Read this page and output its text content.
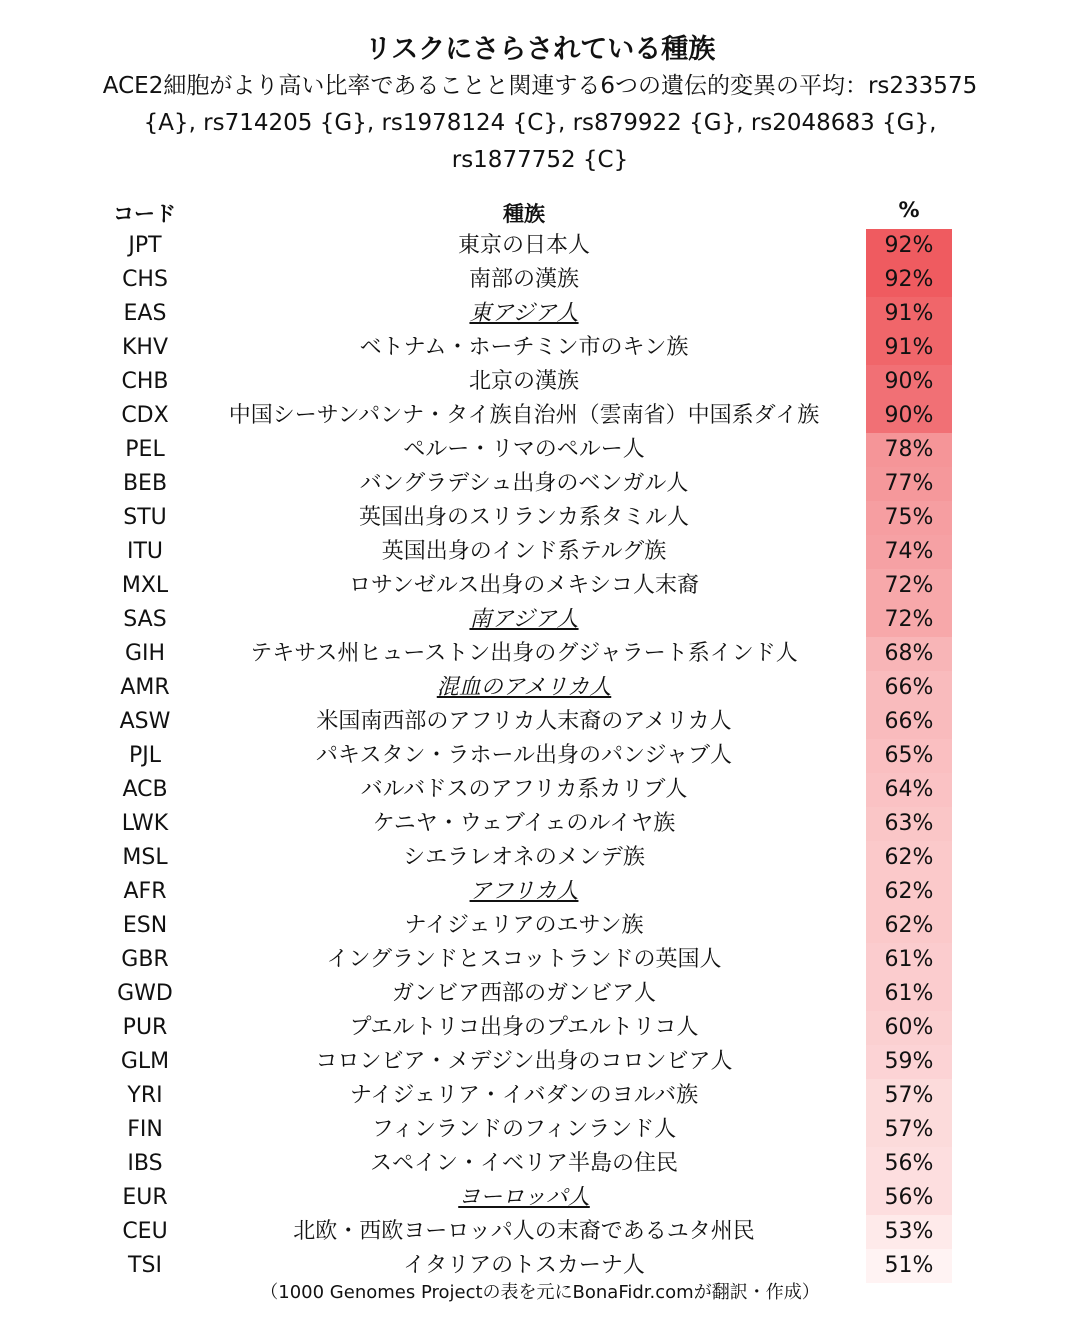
リスクにさらされている種族
ACE2細胞がより高い比率であることと関連する6つの遺伝的変異の平均：rs233575 {A}, rs714205 {G}, rs1978124 {C}, rs879922 {G}, rs2048683 {G}, rs1877752 {C}
コード	種族	%
JPT	東京の日本人	92%
CHS	南部の漢族	92%
EAS	東アジア人	91%
KHV	ベトナム・ホーチミン市のキン族	91%
CHB	北京の漢族	90%
CDX	中国シーサンパンナ・タイ族自治州（雲南省）中国系ダイ族	90%
PEL	ペルー・リマのペルー人	78%
BEB	バングラデシュ出身のベンガル人	77%
STU	英国出身のスリランカ系タミル人	75%
ITU	英国出身のインド系テルグ族	74%
MXL	ロサンゼルス出身のメキシコ人末裔	72%
SAS	南アジア人	72%
GIH	テキサス州ヒューストン出身のグジャラート系インド人	68%
AMR	混血のアメリカ人	66%
ASW	米国南西部のアフリカ人末裔のアメリカ人	66%
PJL	パキスタン・ラホール出身のパンジャブ人	65%
ACB	バルバドスのアフリカ系カリブ人	64%
LWK	ケニヤ・ウェブイェのルイヤ族	63%
MSL	シエラレオネのメンデ族	62%
AFR	アフリカ人	62%
ESN	ナイジェリアのエサン族	62%
GBR	イングランドとスコットランドの英国人	61%
GWD	ガンビア西部のガンビア人	61%
PUR	プエルトリコ出身のプエルトリコ人	60%
GLM	コロンビア・メデジン出身のコロンビア人	59%
YRI	ナイジェリア・イバダンのヨルバ族	57%
FIN	フィンランドのフィンランド人	57%
IBS	スペイン・イベリア半島の住民	56%
EUR	ヨーロッパ人	56%
CEU	北欧・西欧ヨーロッパ人の末裔であるユタ州民	53%
TSI	イタリアのトスカーナ人	51%
（1000 Genomes Projectの表を元にBonaFidr.comが翻訳・作成）
